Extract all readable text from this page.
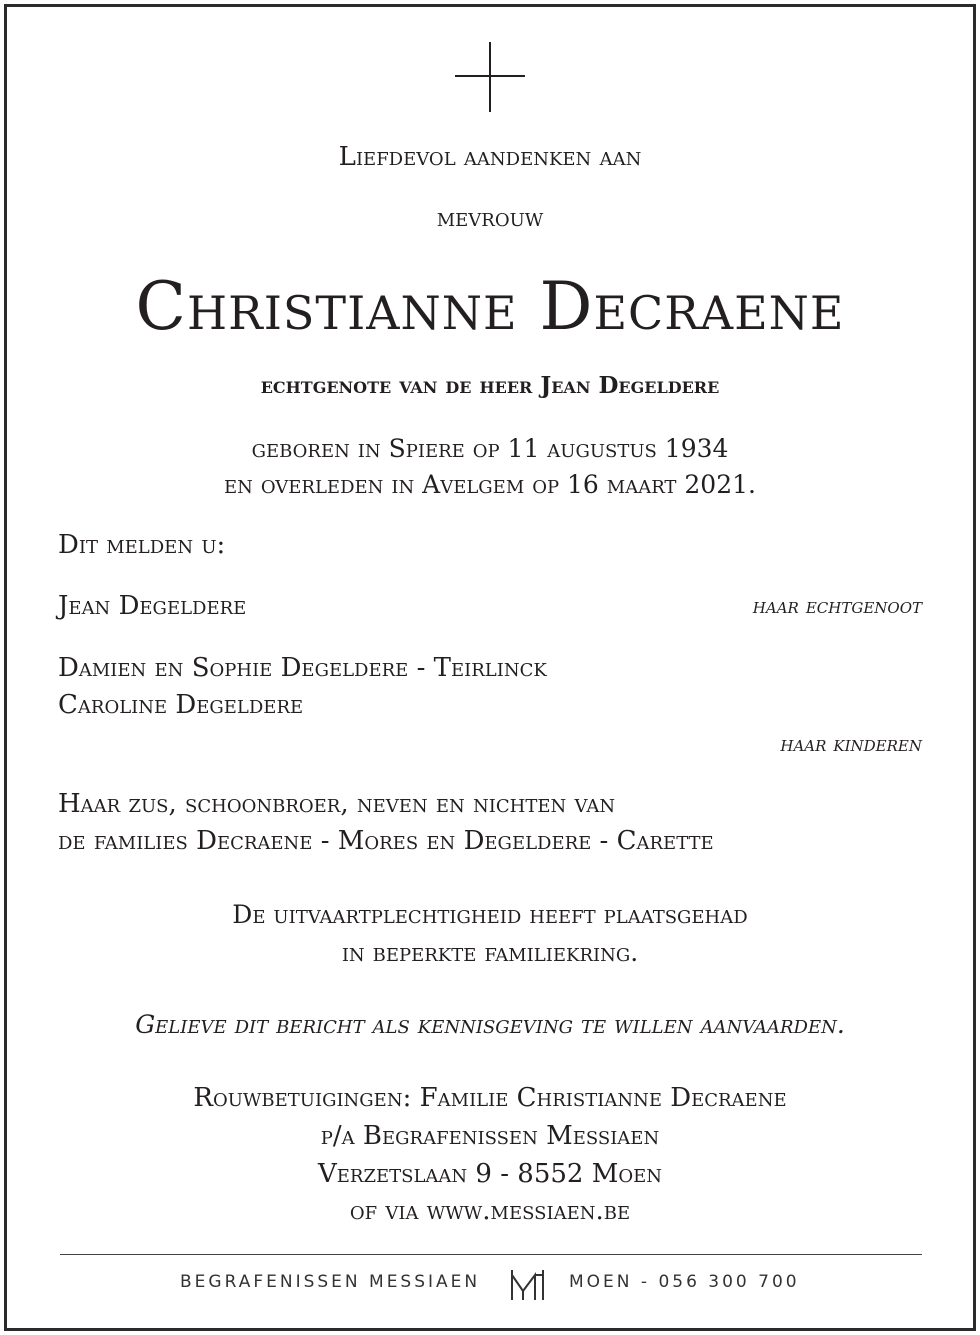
Liefdevol aandenken aan
mevrouw
Christianne Decraene
echtgenote van de heer Jean Degeldere
geboren in Spiere op 11 augustus 1934
en overleden in Avelgem op 16 maart 2021.
Dit melden u:
Jean Degeldere	haar echtgenoot
Damien en Sophie Degeldere - Teirlinck
Caroline Degeldere
haar kinderen
Haar zus, schoonbroer, neven en nichten van
de families Decraene - Mores en Degeldere - Carette
De uitvaartplechtigheid heeft plaatsgehad
in beperkte familiekring.
Gelieve dit bericht als kennisgeving te willen aanvaarden.
Rouwbetuigingen: Familie Christianne Decraene
p/a Begrafenissen Messiaen
Verzetslaan 9 - 8552 Moen
of via www.messiaen.be
BEGRAFENISSEN MESSIAEN	MOEN - 056 300 700
